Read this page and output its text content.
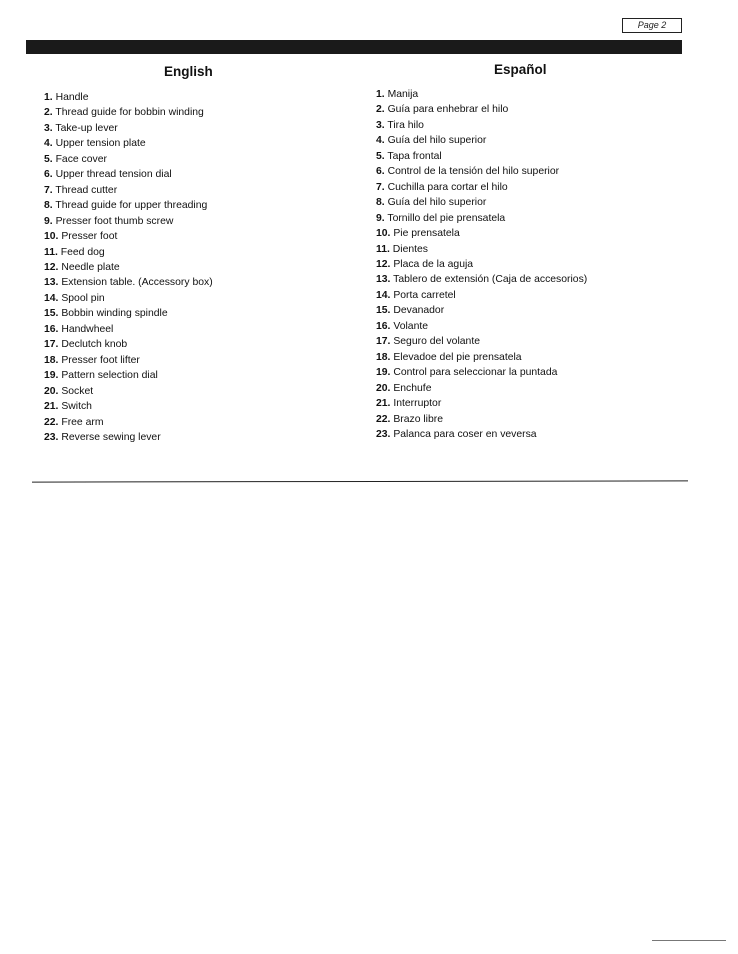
Page 2
English
1. Handle
2. Thread guide for bobbin winding
3. Take-up lever
4. Upper tension plate
5. Face cover
6. Upper thread tension dial
7. Thread cutter
8. Thread guide for upper threading
9. Presser foot thumb screw
10. Presser foot
11. Feed dog
12. Needle plate
13. Extension table. (Accessory box)
14. Spool pin
15. Bobbin winding spindle
16. Handwheel
17. Declutch knob
18. Presser foot lifter
19. Pattern selection dial
20. Socket
21. Switch
22. Free arm
23. Reverse sewing lever
Español
1. Manija
2. Guía para enhebrar el hilo
3. Tira hilo
4. Guía del hilo superior
5. Tapa frontal
6. Control de la tensión del hilo superior
7. Cuchilla para cortar el hilo
8. Guía del hilo superior
9. Tornillo del pie prensatela
10. Pie prensatela
11. Dientes
12. Placa de la aguja
13. Tablero de extensión (Caja de accesorios)
14. Porta carretel
15. Devanador
16. Volante
17. Seguro del volante
18. Elevadoe del pie prensatela
19. Control para seleccionar la puntada
20. Enchufe
21. Interruptor
22. Brazo libre
23. Palanca para coser en veversa
